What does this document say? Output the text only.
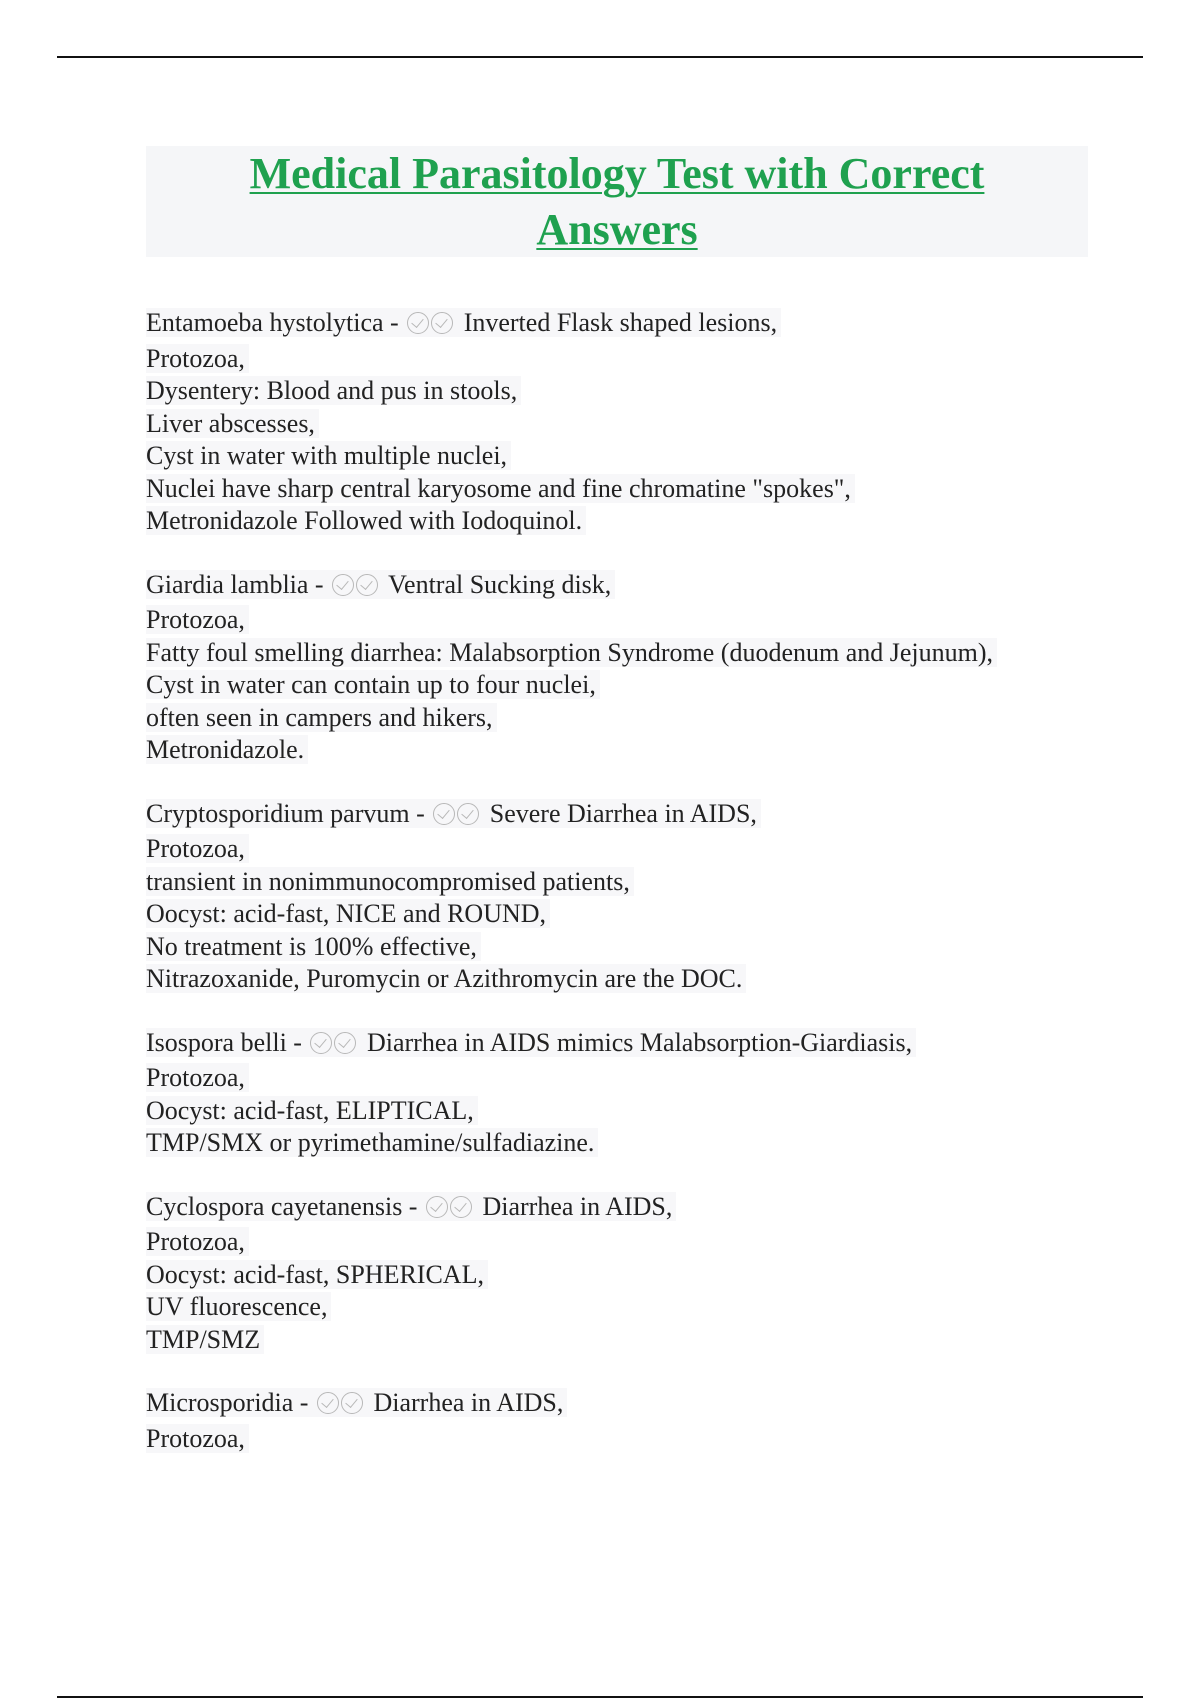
Medical Parasitology Test with Correct Answers
Entamoeba hystolytica -	Inverted Flask shaped lesions,
Protozoa,
Dysentery: Blood and pus in stools,
Liver abscesses,
Cyst in water with multiple nuclei,
Nuclei have sharp central karyosome and fine chromatine "spokes",
Metronidazole Followed with Iodoquinol.
Giardia lamblia - Ventral Sucking disk,
Protozoa,
Fatty foul smelling diarrhea: Malabsorption Syndrome (duodenum and Jejunum),
Cyst in water can contain up to four nuclei,
often seen in campers and hikers,
Metronidazole.
Cryptosporidium parvum -	Severe Diarrhea in AIDS,
Protozoa,
transient in nonimmunocompromised patients,
Oocyst: acid-fast, NICE and ROUND,
No treatment is 100% effective,
Nitrazoxanide, Puromycin or Azithromycin are the DOC.
Isospora belli -	Diarrhea in AIDS mimics Malabsorption-Giardiasis,
Protozoa,
Oocyst: acid-fast, ELIPTICAL,
TMP/SMX or pyrimethamine/sulfadiazine.
Cyclospora cayetanensis -	Diarrhea in AIDS,
Protozoa,
Oocyst: acid-fast, SPHERICAL,
UV fluorescence,
TMP/SMZ
Microsporidia -	Diarrhea in AIDS,
Protozoa,
